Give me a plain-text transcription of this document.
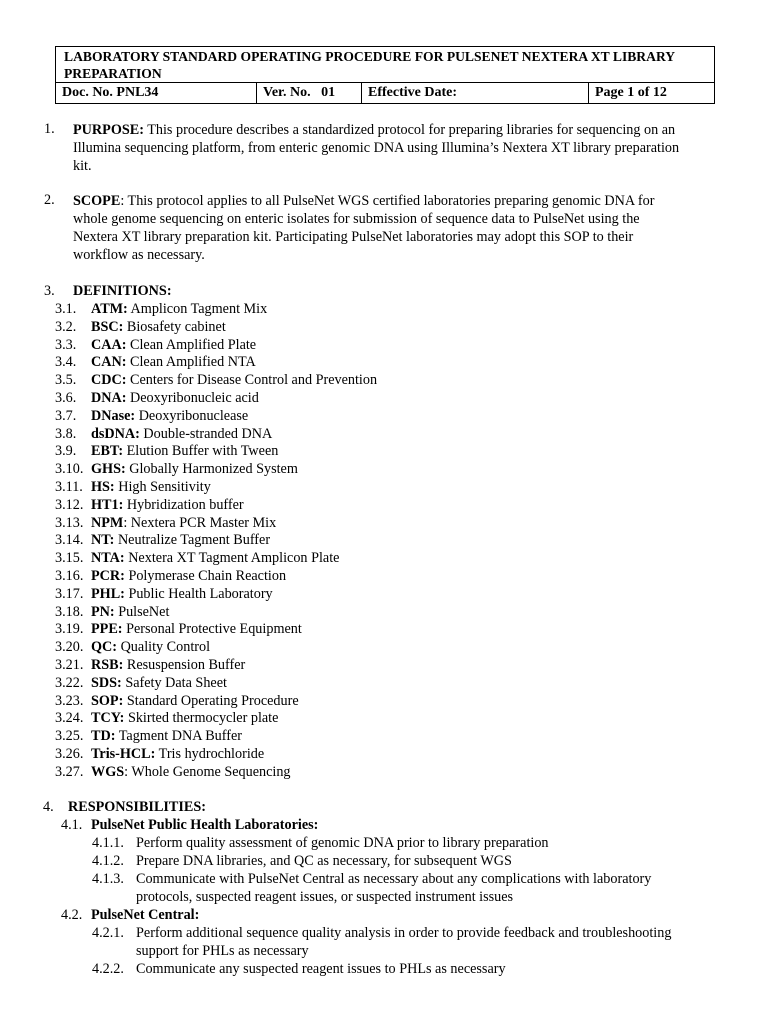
LABORATORY STANDARD OPERATING PROCEDURE FOR PULSENET NEXTERA XT LIBRARY PREPARATION
Doc. No. PNL34	Ver. No.   01	Effective Date:	Page 1 of 12
1. PURPOSE: This procedure describes a standardized protocol for preparing libraries for sequencing on an
Illumina sequencing platform, from enteric genomic DNA using Illumina’s Nextera XT library preparation
kit.
2. SCOPE: This protocol applies to all PulseNet WGS certified laboratories preparing genomic DNA for
whole genome sequencing on enteric isolates for submission of sequence data to PulseNet using the
Nextera XT library preparation kit. Participating PulseNet laboratories may adopt this SOP to their
workflow as necessary.
3. DEFINITIONS:
3.1. ATM: Amplicon Tagment Mix
3.2. BSC: Biosafety cabinet
3.3. CAA: Clean Amplified Plate
3.4. CAN: Clean Amplified NTA
3.5. CDC: Centers for Disease Control and Prevention
3.6. DNA: Deoxyribonucleic acid
3.7. DNase: Deoxyribonuclease
3.8. dsDNA: Double-stranded DNA
3.9. EBT: Elution Buffer with Tween
3.10. GHS: Globally Harmonized System
3.11. HS: High Sensitivity
3.12. HT1: Hybridization buffer
3.13. NPM: Nextera PCR Master Mix
3.14. NT: Neutralize Tagment Buffer
3.15. NTA: Nextera XT Tagment Amplicon Plate
3.16. PCR: Polymerase Chain Reaction
3.17. PHL: Public Health Laboratory
3.18. PN: PulseNet
3.19. PPE: Personal Protective Equipment
3.20. QC: Quality Control
3.21. RSB: Resuspension Buffer
3.22. SDS: Safety Data Sheet
3.23. SOP: Standard Operating Procedure
3.24. TCY: Skirted thermocycler plate
3.25. TD: Tagment DNA Buffer
3.26. Tris-HCL: Tris hydrochloride
3.27. WGS: Whole Genome Sequencing
4. RESPONSIBILITIES:
4.1. PulseNet Public Health Laboratories:
4.1.1. Perform quality assessment of genomic DNA prior to library preparation
4.1.2. Prepare DNA libraries, and QC as necessary, for subsequent WGS
4.1.3. Communicate with PulseNet Central as necessary about any complications with laboratory
protocols, suspected reagent issues, or suspected instrument issues
4.2. PulseNet Central:
4.2.1. Perform additional sequence quality analysis in order to provide feedback and troubleshooting
support for PHLs as necessary
4.2.2. Communicate any suspected reagent issues to PHLs as necessary
